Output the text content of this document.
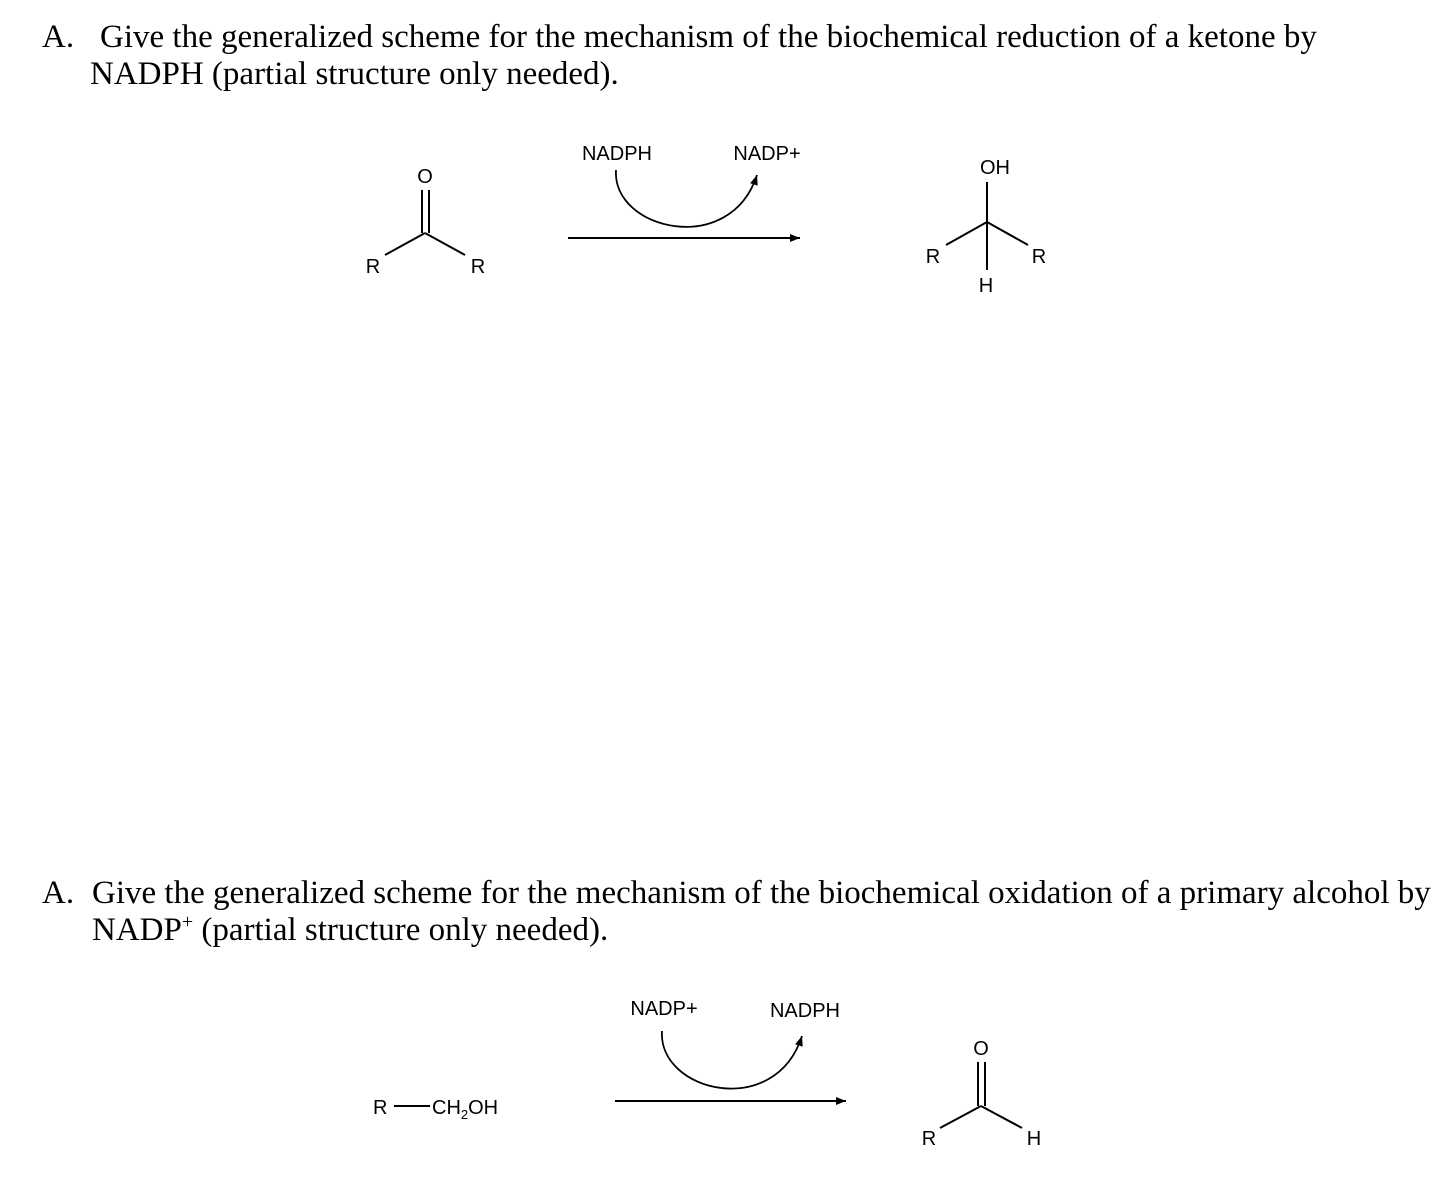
A. Give the generalized scheme for the mechanism of the biochemical reduction of a ketone by
NADPH (partial structure only needed).
A. Give the generalized scheme for the mechanism of the biochemical oxidation of a primary alcohol by
NADP+ (partial structure only needed).
O
R	R
NADPH	NADP+
OH
H
R	R
R $CH_2OH$
NADP+	NADPH
O
R	H
